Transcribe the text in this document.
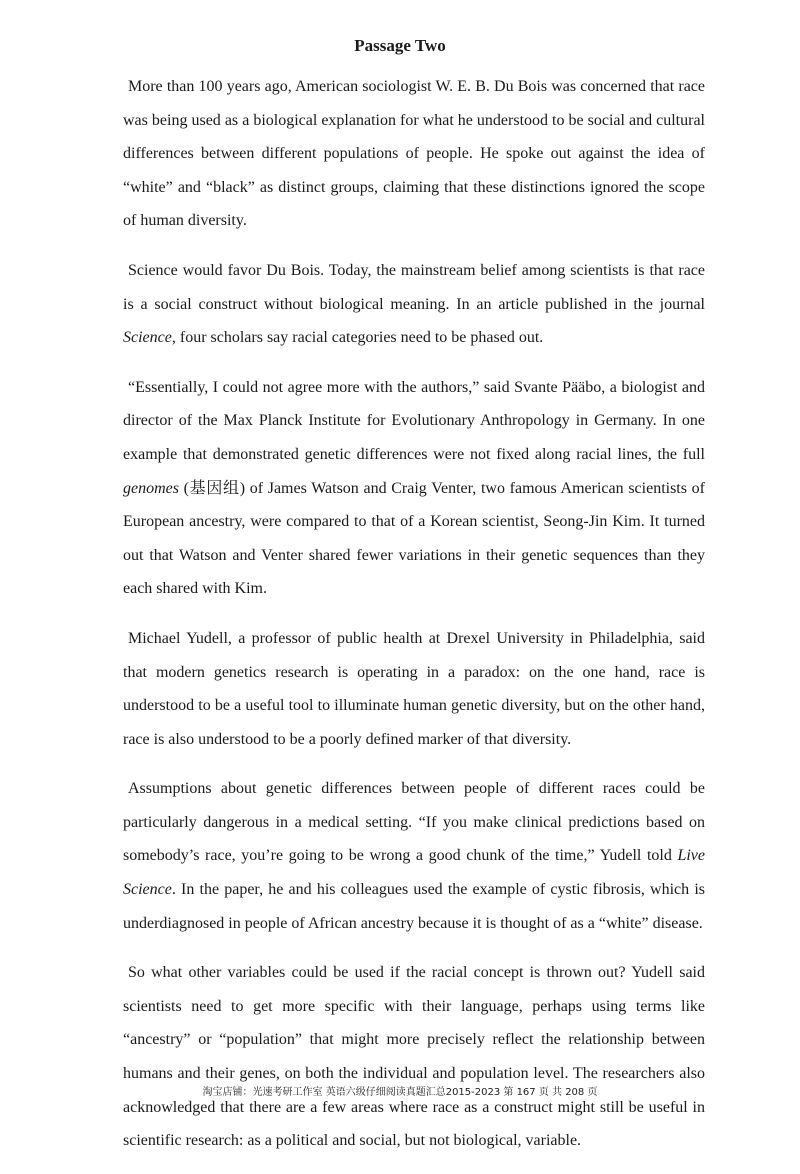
Passage Two

More than 100 years ago, American sociologist W. E. B. Du Bois was concerned that race was being used as a biological explanation for what he understood to be social and cultural differences between different populations of people. He spoke out against the idea of “white” and “black” as distinct groups, claiming that these distinctions ignored the scope of human diversity.

Science would favor Du Bois. Today, the mainstream belief among scientists is that race is a social construct without biological meaning. In an article published in the journal Science, four scholars say racial categories need to be phased out.

“Essentially, I could not agree more with the authors,” said Svante Pääbo, a biologist and director of the Max Planck Institute for Evolutionary Anthropology in Germany. In one example that demonstrated genetic differences were not fixed along racial lines, the full genomes (基因组) of James Watson and Craig Venter, two famous American scientists of European ancestry, were compared to that of a Korean scientist, Seong-Jin Kim. It turned out that Watson and Venter shared fewer variations in their genetic sequences than they each shared with Kim.

Michael Yudell, a professor of public health at Drexel University in Philadelphia, said that modern genetics research is operating in a paradox: on the one hand, race is understood to be a useful tool to illuminate human genetic diversity, but on the other hand, race is also understood to be a poorly defined marker of that diversity.

Assumptions about genetic differences between people of different races could be particularly dangerous in a medical setting. “If you make clinical predictions based on somebody’s race, you’re going to be wrong a good chunk of the time,” Yudell told Live Science. In the paper, he and his colleagues used the example of cystic fibrosis, which is underdiagnosed in people of African ancestry because it is thought of as a “white” disease.

So what other variables could be used if the racial concept is thrown out? Yudell said scientists need to get more specific with their language, perhaps using terms like “ancestry” or “population” that might more precisely reflect the relationship between humans and their genes, on both the individual and population level. The researchers also acknowledged that there are a few areas where race as a construct might still be useful in scientific research: as a political and social, but not biological, variable.

淘宝店铺：光速考研工作室 英语六级仔细阅读真题汇总2015-2023 第 167 页 共 208 页
